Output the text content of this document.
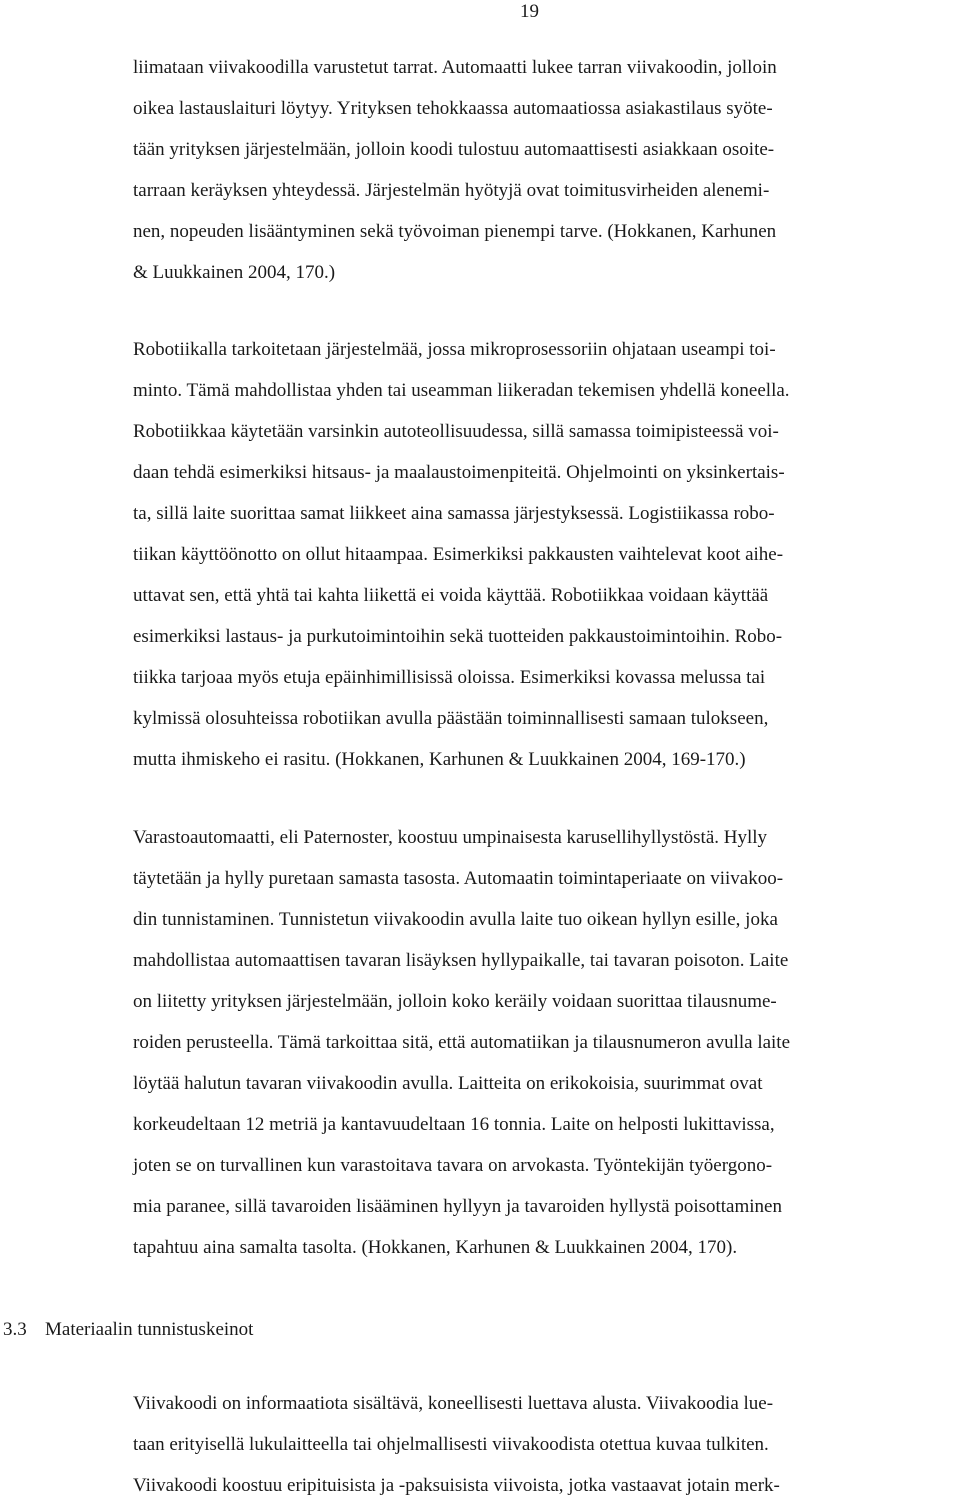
19
liimataan viivakoodilla varustetut tarrat. Automaatti lukee tarran viivakoodin, jolloin
oikea lastauslaituri löytyy. Yrityksen tehokkaassa automaatiossa asiakastilaus syöte-
tään yrityksen järjestelmään, jolloin koodi tulostuu automaattisesti asiakkaan osoite-
tarraan keräyksen yhteydessä. Järjestelmän hyötyjä ovat toimitusvirheiden alenemi-
nen, nopeuden lisääntyminen sekä työvoiman pienempi tarve. (Hokkanen, Karhunen
& Luukkainen 2004, 170.)
Robotiikalla tarkoitetaan järjestelmää, jossa mikroprosessoriin ohjataan useampi toi-
minto. Tämä mahdollistaa yhden tai useamman liikeradan tekemisen yhdellä koneella.
Robotiikkaa käytetään varsinkin autoteollisuudessa, sillä samassa toimipisteessä voi-
daan tehdä esimerkiksi hitsaus- ja maalaustoimenpiteitä. Ohjelmointi on yksinkertais-
ta, sillä laite suorittaa samat liikkeet aina samassa järjestyksessä. Logistiikassa robo-
tiikan käyttöönotto on ollut hitaampaa. Esimerkiksi pakkausten vaihtelevat koot aihe-
uttavat sen, että yhtä tai kahta liikettä ei voida käyttää. Robotiikkaa voidaan käyttää
esimerkiksi lastaus- ja purkutoimintoihin sekä tuotteiden pakkaustoimintoihin. Robo-
tiikka tarjoaa myös etuja epäinhimillisissä oloissa. Esimerkiksi kovassa melussa tai
kylmissä olosuhteissa robotiikan avulla päästään toiminnallisesti samaan tulokseen,
mutta ihmiskeho ei rasitu. (Hokkanen, Karhunen & Luukkainen 2004, 169-170.)
Varastoautomaatti, eli Paternoster, koostuu umpinaisesta karusellihyllystöstä. Hylly
täytetään ja hylly puretaan samasta tasosta. Automaatin toimintaperiaate on viivakoo-
din tunnistaminen. Tunnistetun viivakoodin avulla laite tuo oikean hyllyn esille, joka
mahdollistaa automaattisen tavaran lisäyksen hyllypaikalle, tai tavaran poisoton. Laite
on liitetty yrityksen järjestelmään, jolloin koko keräily voidaan suorittaa tilausnume-
roiden perusteella. Tämä tarkoittaa sitä, että automatiikan ja tilausnumeron avulla laite
löytää halutun tavaran viivakoodin avulla. Laitteita on erikokoisia, suurimmat ovat
korkeudeltaan 12 metriä ja kantavuudeltaan 16 tonnia. Laite on helposti lukittavissa,
joten se on turvallinen kun varastoitava tavara on arvokasta. Työntekijän työergono-
mia paranee, sillä tavaroiden lisääminen hyllyyn ja tavaroiden hyllystä poisottaminen
tapahtuu aina samalta tasolta. (Hokkanen, Karhunen & Luukkainen 2004, 170).
3.3 Materiaalin tunnistuskeinot
Viivakoodi on informaatiota sisältävä, koneellisesti luettava alusta. Viivakoodia lue-
taan erityisellä lukulaitteella tai ohjelmallisesti viivakoodista otettua kuvaa tulkiten.
Viivakoodi koostuu eripituisista ja -paksuisista viivoista, jotka vastaavat jotain merk-
